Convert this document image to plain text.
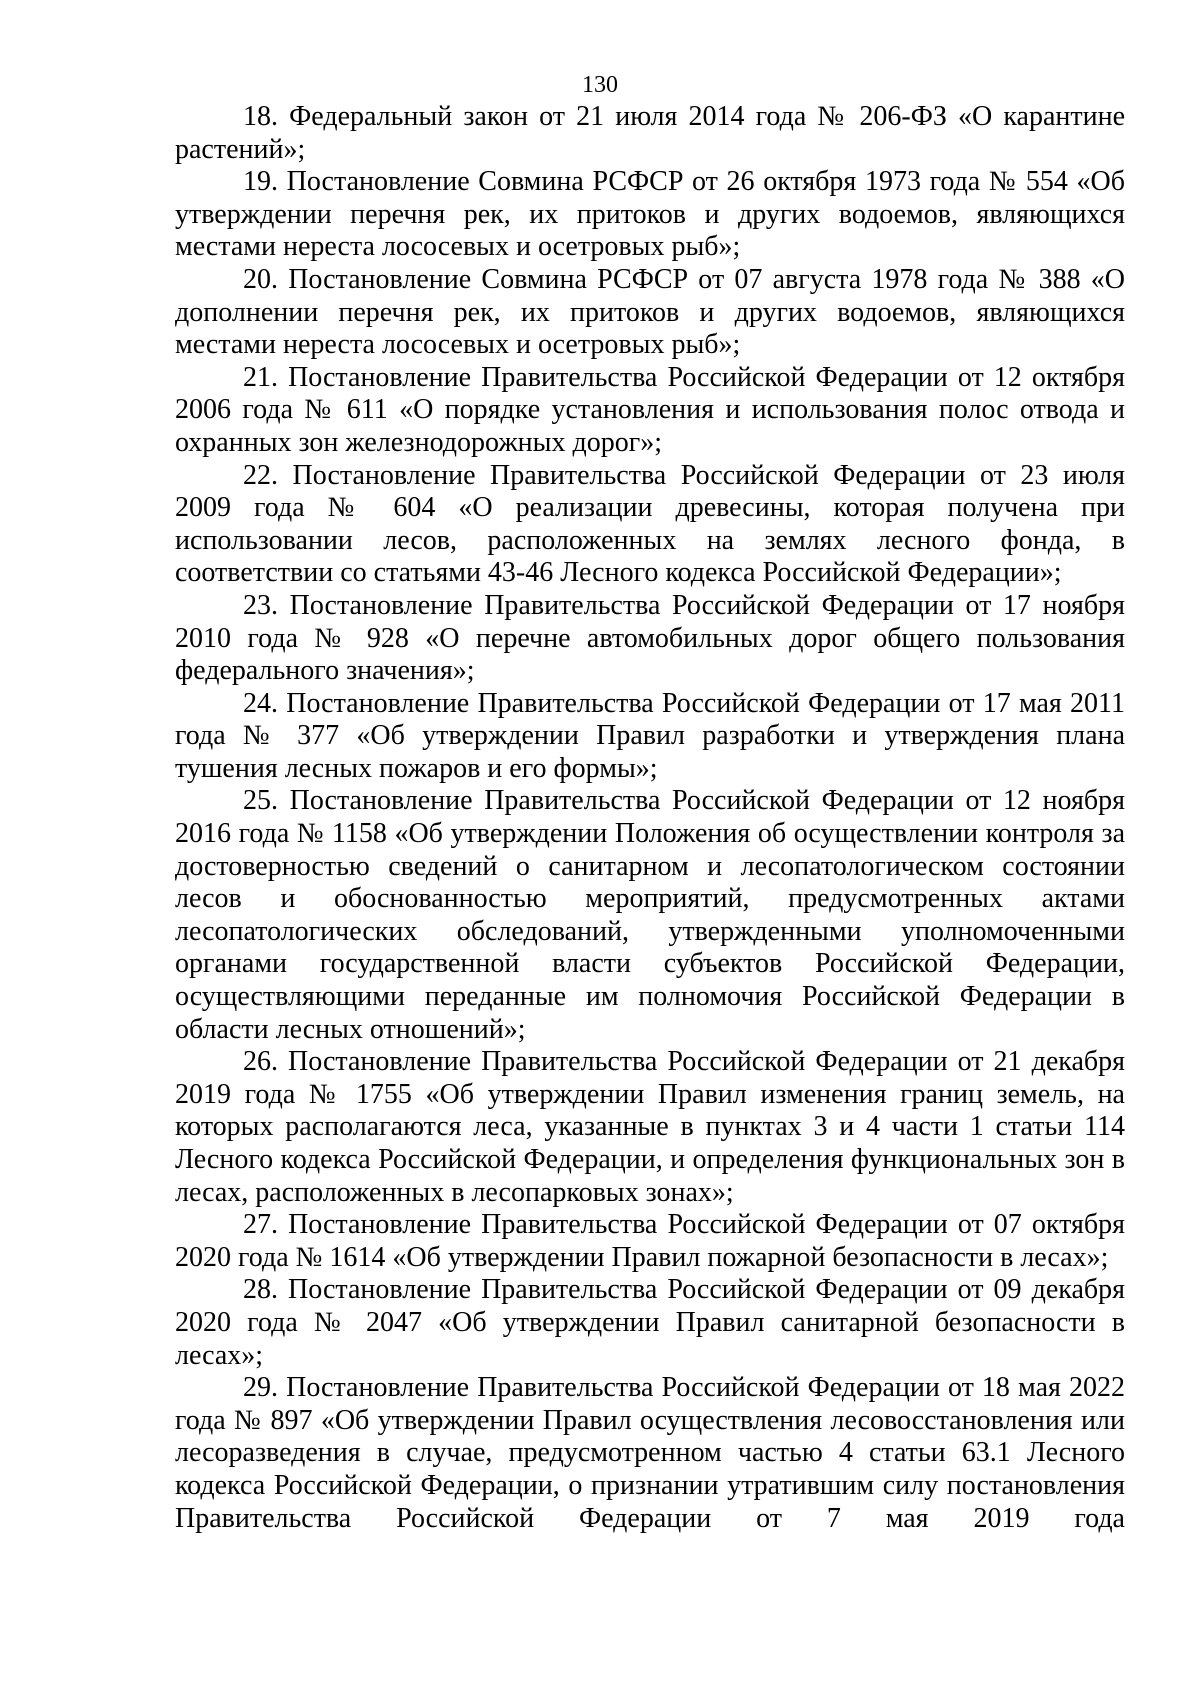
130

18. Федеральный закон от 21 июля 2014 года № 206-ФЗ «О карантине растений»;

19. Постановление Совмина РСФСР от 26 октября 1973 года № 554 «Об утверждении перечня рек, их притоков и других водоемов, являющихся местами нереста лососевых и осетровых рыб»;

20. Постановление Совмина РСФСР от 07 августа 1978 года № 388 «О дополнении перечня рек, их притоков и других водоемов, являющихся местами нереста лососевых и осетровых рыб»;

21. Постановление Правительства Российской Федерации от 12 октября 2006 года № 611 «О порядке установления и использования полос отвода и охранных зон железнодорожных дорог»;

22. Постановление Правительства Российской Федерации от 23 июля 2009 года № 604 «О реализации древесины, которая получена при использовании лесов, расположенных на землях лесного фонда, в соответствии со статьями 43-46 Лесного кодекса Российской Федерации»;

23. Постановление Правительства Российской Федерации от 17 ноября 2010 года № 928 «О перечне автомобильных дорог общего пользования федерального значения»;

24. Постановление Правительства Российской Федерации от 17 мая 2011 года № 377 «Об утверждении Правил разработки и утверждения плана тушения лесных пожаров и его формы»;

25. Постановление Правительства Российской Федерации от 12 ноября 2016 года № 1158 «Об утверждении Положения об осуществлении контроля за достоверностью сведений о санитарном и лесопатологическом состоянии лесов и обоснованностью мероприятий, предусмотренных актами лесопатологических обследований, утвержденными уполномоченными органами государственной власти субъектов Российской Федерации, осуществляющими переданные им полномочия Российской Федерации в области лесных отношений»;

26. Постановление Правительства Российской Федерации от 21 декабря 2019 года № 1755 «Об утверждении Правил изменения границ земель, на которых располагаются леса, указанные в пунктах 3 и 4 части 1 статьи 114 Лесного кодекса Российской Федерации, и определения функциональных зон в лесах, расположенных в лесопарковых зонах»;

27. Постановление Правительства Российской Федерации от 07 октября 2020 года № 1614 «Об утверждении Правил пожарной безопасности в лесах»;

28. Постановление Правительства Российской Федерации от 09 декабря 2020 года № 2047 «Об утверждении Правил санитарной безопасности в лесах»;

29. Постановление Правительства Российской Федерации от 18 мая 2022 года № 897 «Об утверждении Правил осуществления лесовосстановления или лесоразведения в случае, предусмотренном частью 4 статьи 63.1 Лесного кодекса Российской Федерации, о признании утратившим силу постановления Правительства Российской Федерации от 7 мая 2019 года
